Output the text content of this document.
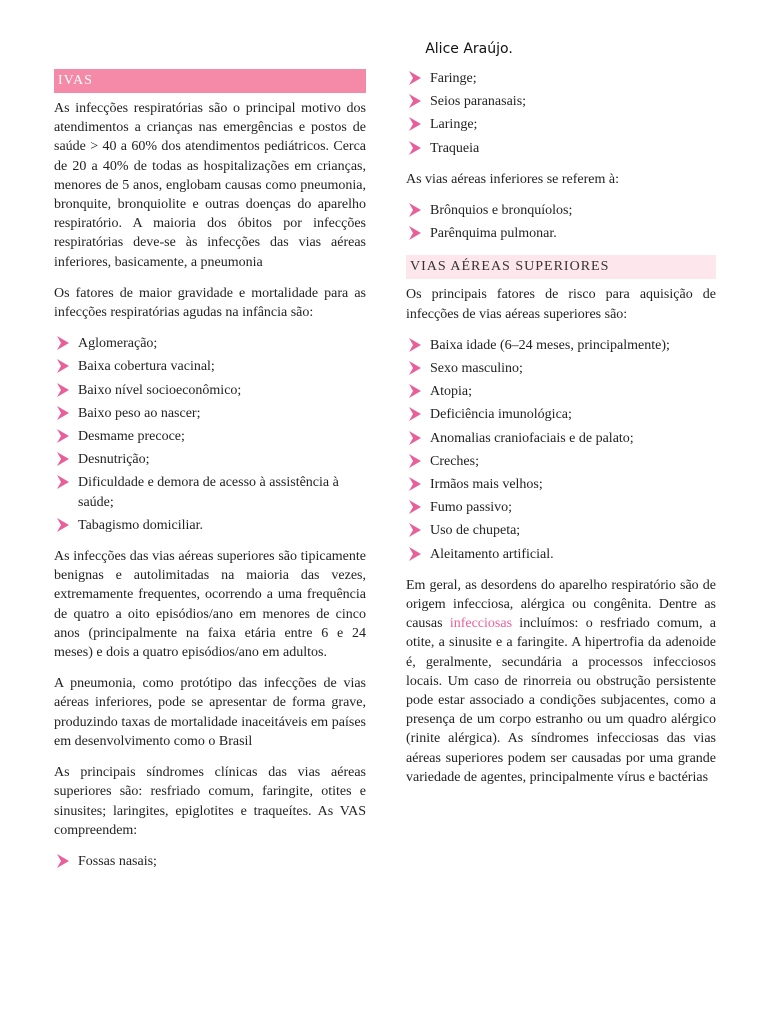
Alice Araújo.
IVAS

As infecções respiratórias são o principal motivo dos atendimentos a crianças nas emergências e postos de saúde > 40 a 60% dos atendimentos pediátricos. Cerca de 20 a 40% de todas as hospitalizações em crianças, menores de 5 anos, englobam causas como pneumonia, bronquite, bronquiolite e outras doenças do aparelho respiratório. A maioria dos óbitos por infecções respiratórias deve-se às infecções das vias aéreas inferiores, basicamente, a pneumonia

Os fatores de maior gravidade e mortalidade para as infecções respiratórias agudas na infância são:

Aglomeração;
Baixa cobertura vacinal;
Baixo nível socioeconômico;
Baixo peso ao nascer;
Desmame precoce;
Desnutrição;
Dificuldade e demora de acesso à assistência à saúde;
Tabagismo domiciliar.

As infecções das vias aéreas superiores são tipicamente benignas e autolimitadas na maioria das vezes, extremamente frequentes, ocorrendo a uma frequência de quatro a oito episódios/ano em menores de cinco anos (principalmente na faixa etária entre 6 e 24 meses) e dois a quatro episódios/ano em adultos.

A pneumonia, como protótipo das infecções de vias aéreas inferiores, pode se apresentar de forma grave, produzindo taxas de mortalidade inaceitáveis em países em desenvolvimento como o Brasil

As principais síndromes clínicas das vias aéreas superiores são: resfriado comum, faringite, otites e sinusites; laringites, epiglotites e traqueítes. As VAS compreendem:

Fossas nasais;
Faringe;
Seios paranasais;
Laringe;
Traqueia

As vias aéreas inferiores se referem à:

Brônquios e bronquíolos;
Parênquima pulmonar.
VIAS AÉREAS SUPERIORES

Os principais fatores de risco para aquisição de infecções de vias aéreas superiores são:

Baixa idade (6–24 meses, principalmente);
Sexo masculino;
Atopia;
Deficiência imunológica;
Anomalias craniofaciais e de palato;
Creches;
Irmãos mais velhos;
Fumo passivo;
Uso de chupeta;
Aleitamento artificial.

Em geral, as desordens do aparelho respiratório são de origem infecciosa, alérgica ou congênita. Dentre as causas infecciosas incluímos: o resfriado comum, a otite, a sinusite e a faringite. A hipertrofia da adenoide é, geralmente, secundária a processos infecciosos locais. Um caso de rinorreia ou obstrução persistente pode estar associado a condições subjacentes, como a presença de um corpo estranho ou um quadro alérgico (rinite alérgica). As síndromes infecciosas das vias aéreas superiores podem ser causadas por uma grande variedade de agentes, principalmente vírus e bactérias
